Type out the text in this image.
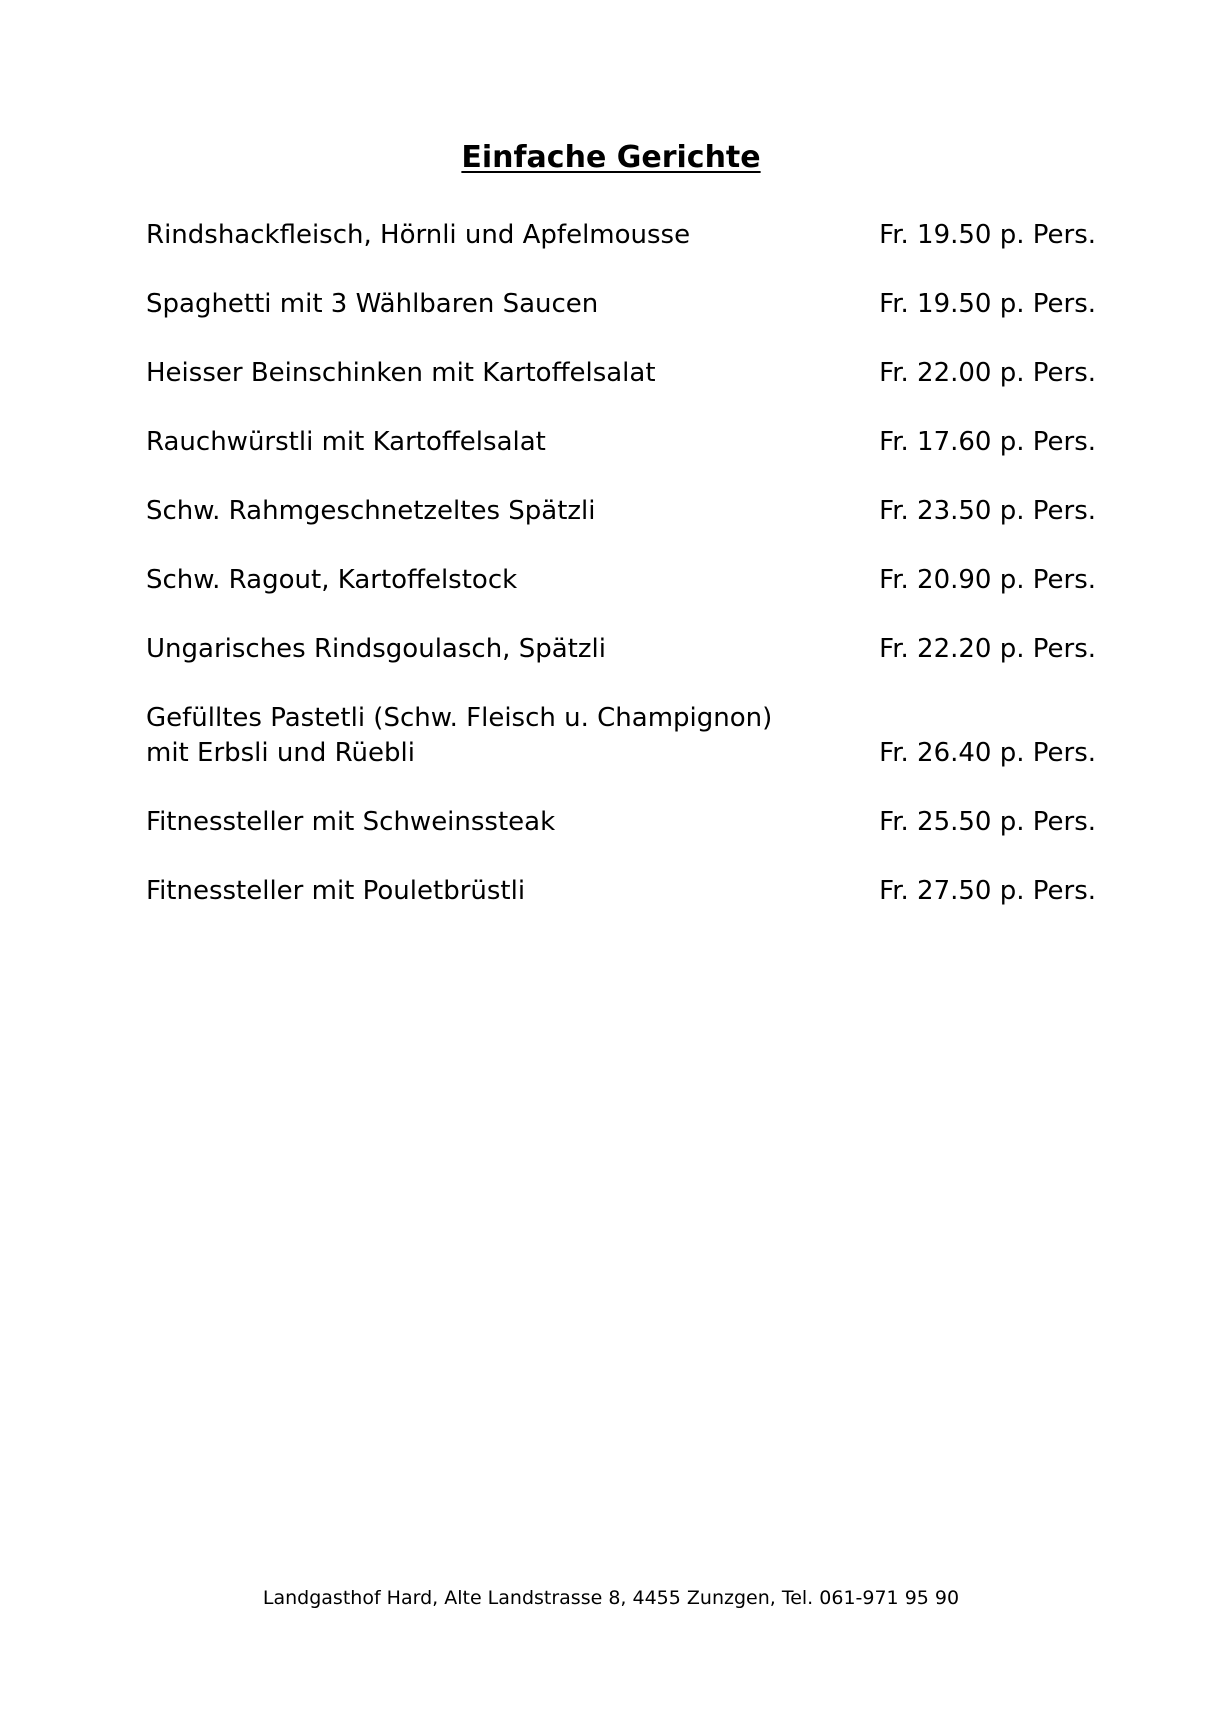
Einfache Gerichte
Rindshackfleisch, Hörnli und Apfelmousse	Fr. 19.50 p. Pers.
Spaghetti mit 3 Wählbaren Saucen	Fr. 19.50 p. Pers.
Heisser Beinschinken mit Kartoffelsalat	Fr. 22.00 p. Pers.
Rauchwürstli mit Kartoffelsalat	Fr. 17.60 p. Pers.
Schw. Rahmgeschnetzeltes Spätzli	Fr. 23.50 p. Pers.
Schw. Ragout, Kartoffelstock	Fr. 20.90 p. Pers.
Ungarisches Rindsgoulasch, Spätzli	Fr. 22.20 p. Pers.
Gefülltes Pastetli (Schw. Fleisch u. Champignon)
mit Erbsli und Rüebli	Fr. 26.40 p. Pers.
Fitnessteller mit Schweinssteak	Fr. 25.50 p. Pers.
Fitnessteller mit Pouletbrüstli	Fr. 27.50 p. Pers.
Landgasthof Hard, Alte Landstrasse 8, 4455 Zunzgen, Tel. 061-971 95 90
